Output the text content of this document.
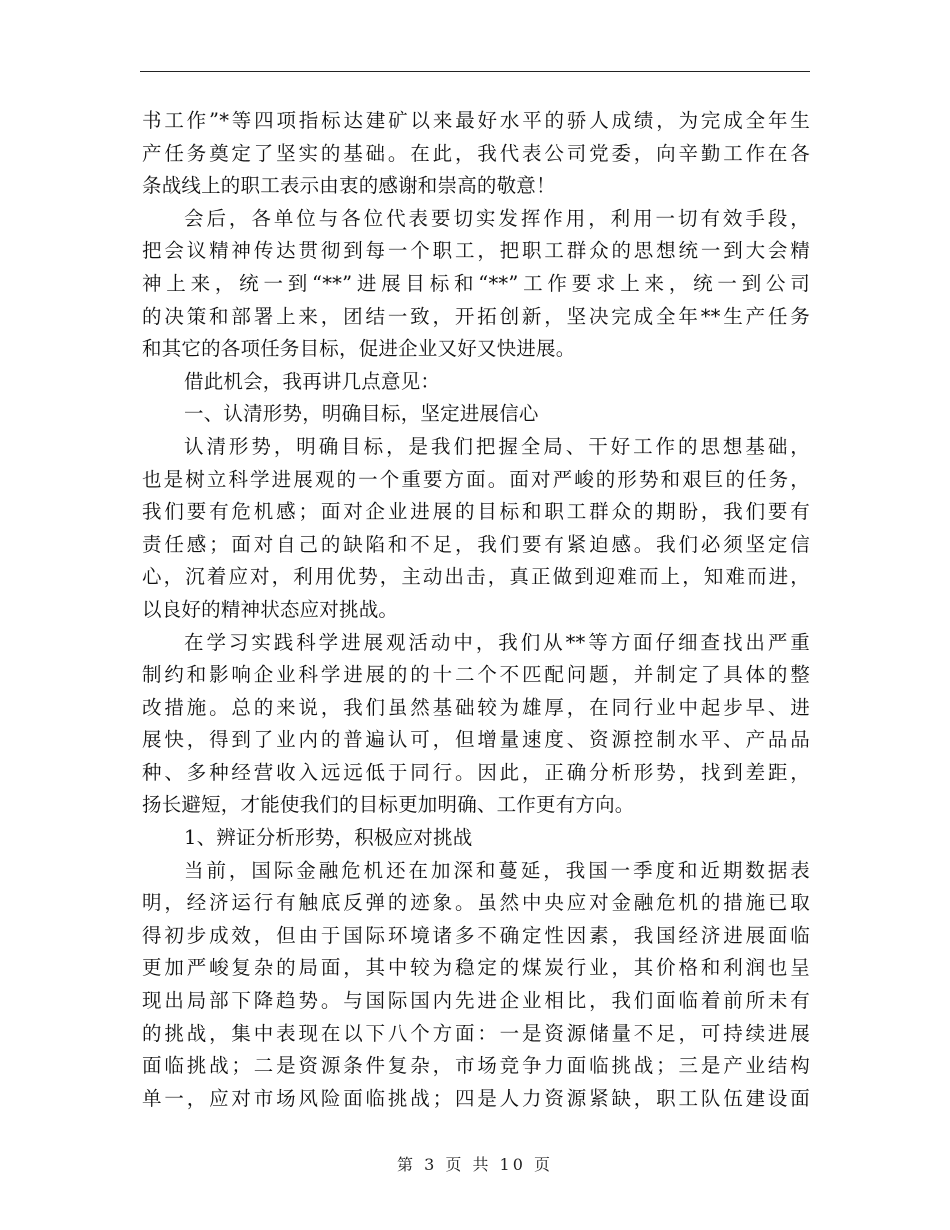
书工作”*等四项指标达建矿以来最好水平的骄人成绩，为完成全年生
产任务奠定了坚实的基础。在此，我代表公司党委，向辛勤工作在各
条战线上的职工表示由衷的感谢和崇高的敬意！
会后，各单位与各位代表要切实发挥作用，利用一切有效手段，
把会议精神传达贯彻到每一个职工，把职工群众的思想统一到大会精
神上来，统一到“**”进展目标和“**”工作要求上来，统一到公司
的决策和部署上来，团结一致，开拓创新，坚决完成全年**生产任务
和其它的各项任务目标，促进企业又好又快进展。
借此机会，我再讲几点意见：
一、认清形势，明确目标，坚定进展信心
认清形势，明确目标，是我们把握全局、干好工作的思想基础，
也是树立科学进展观的一个重要方面。面对严峻的形势和艰巨的任务，
我们要有危机感；面对企业进展的目标和职工群众的期盼，我们要有
责任感；面对自己的缺陷和不足，我们要有紧迫感。我们必须坚定信
心，沉着应对，利用优势，主动出击，真正做到迎难而上，知难而进，
以良好的精神状态应对挑战。
在学习实践科学进展观活动中，我们从**等方面仔细查找出严重
制约和影响企业科学进展的的十二个不匹配问题，并制定了具体的整
改措施。总的来说，我们虽然基础较为雄厚，在同行业中起步早、进
展快，得到了业内的普遍认可，但增量速度、资源控制水平、产品品
种、多种经营收入远远低于同行。因此，正确分析形势，找到差距，
扬长避短，才能使我们的目标更加明确、工作更有方向。
1、辨证分析形势，积极应对挑战
当前，国际金融危机还在加深和蔓延，我国一季度和近期数据表
明，经济运行有触底反弹的迹象。虽然中央应对金融危机的措施已取
得初步成效，但由于国际环境诸多不确定性因素，我国经济进展面临
更加严峻复杂的局面，其中较为稳定的煤炭行业，其价格和利润也呈
现出局部下降趋势。与国际国内先进企业相比，我们面临着前所未有
的挑战，集中表现在以下八个方面：一是资源储量不足，可持续进展
面临挑战；二是资源条件复杂，市场竞争力面临挑战；三是产业结构
单一，应对市场风险面临挑战；四是人力资源紧缺，职工队伍建设面
第 3 页 共 10 页
